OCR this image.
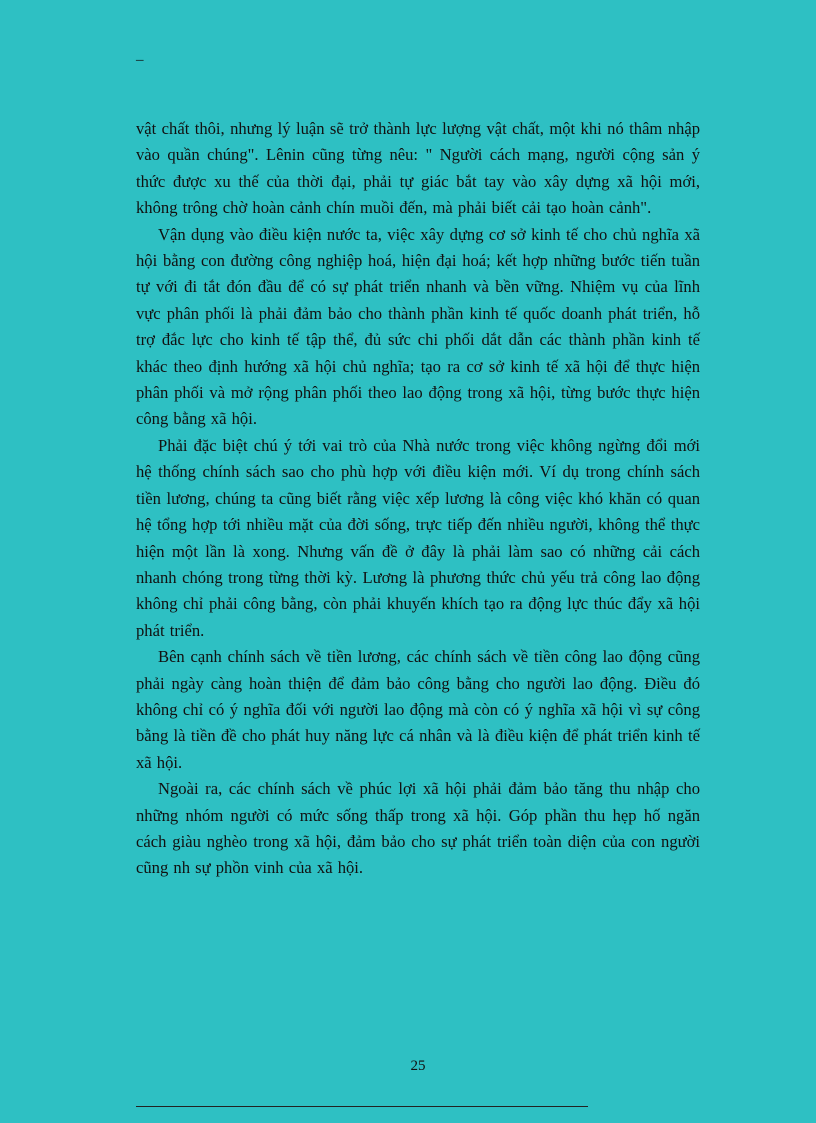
–

vật chất thôi, nhưng lý luận sẽ trở thành lực lượng vật chất, một khi nó thâm nhập vào quần chúng". Lênin cũng từng nêu: " Người cách mạng, người cộng sản ý thức được xu thế của thời đại, phải tự giác bắt tay vào xây dựng xã hội mới, không trông chờ hoàn cảnh chín muồi đến, mà phải biết cải tạo hoàn cảnh".

Vận dụng vào điều kiện nước ta, việc xây dựng cơ sở kinh tế cho chủ nghĩa xã hội bằng con đường công nghiệp hoá, hiện đại hoá; kết hợp những bước tiến tuần tự với đi tắt đón đầu để có sự phát triển nhanh và bền vững. Nhiệm vụ của lĩnh vực phân phối là phải đảm bảo cho thành phần kinh tế quốc doanh phát triển, hỗ trợ đắc lực cho kinh tế tập thể, đủ sức chi phối dắt dẫn các thành phần kinh tế khác theo định hướng xã hội chủ nghĩa; tạo ra cơ sở kinh tế xã hội để thực hiện phân phối và mở rộng phân phối theo lao động trong xã hội, từng bước thực hiện công bằng xã hội.

Phải đặc biệt chú ý tới vai trò của Nhà nước trong việc không ngừng đổi mới hệ thống chính sách sao cho phù hợp với điều kiện mới. Ví dụ trong chính sách tiền lương, chúng ta cũng biết rằng việc xếp lương là công việc khó khăn có quan hệ tổng hợp tới nhiều mặt của đời sống, trực tiếp đến nhiều người, không thể thực hiện một lần là xong. Nhưng vấn đề ở đây là phải làm sao có những cải cách nhanh chóng trong từng thời kỳ. Lương là phương thức chủ yếu trả công lao động không chỉ phải công bằng, còn phải khuyến khích tạo ra động lực thúc đẩy xã hội phát triển.

Bên cạnh chính sách về tiền lương, các chính sách về tiền công lao động cũng phải ngày càng hoàn thiện để đảm bảo công bằng cho người lao động. Điều đó không chỉ có ý nghĩa đối với người lao động mà còn có ý nghĩa xã hội vì sự công bằng là tiền đề cho phát huy năng lực cá nhân và là điều kiện để phát triển kinh tế xã hội.

Ngoài ra, các chính sách về phúc lợi xã hội phải đảm bảo tăng thu nhập cho những nhóm người có mức sống thấp trong xã hội. Góp phần thu hẹp hố ngăn cách giàu nghèo trong xã hội, đảm bảo cho sự phát triển toàn diện của con người cũng nh sự phồn vinh của xã hội.

25
